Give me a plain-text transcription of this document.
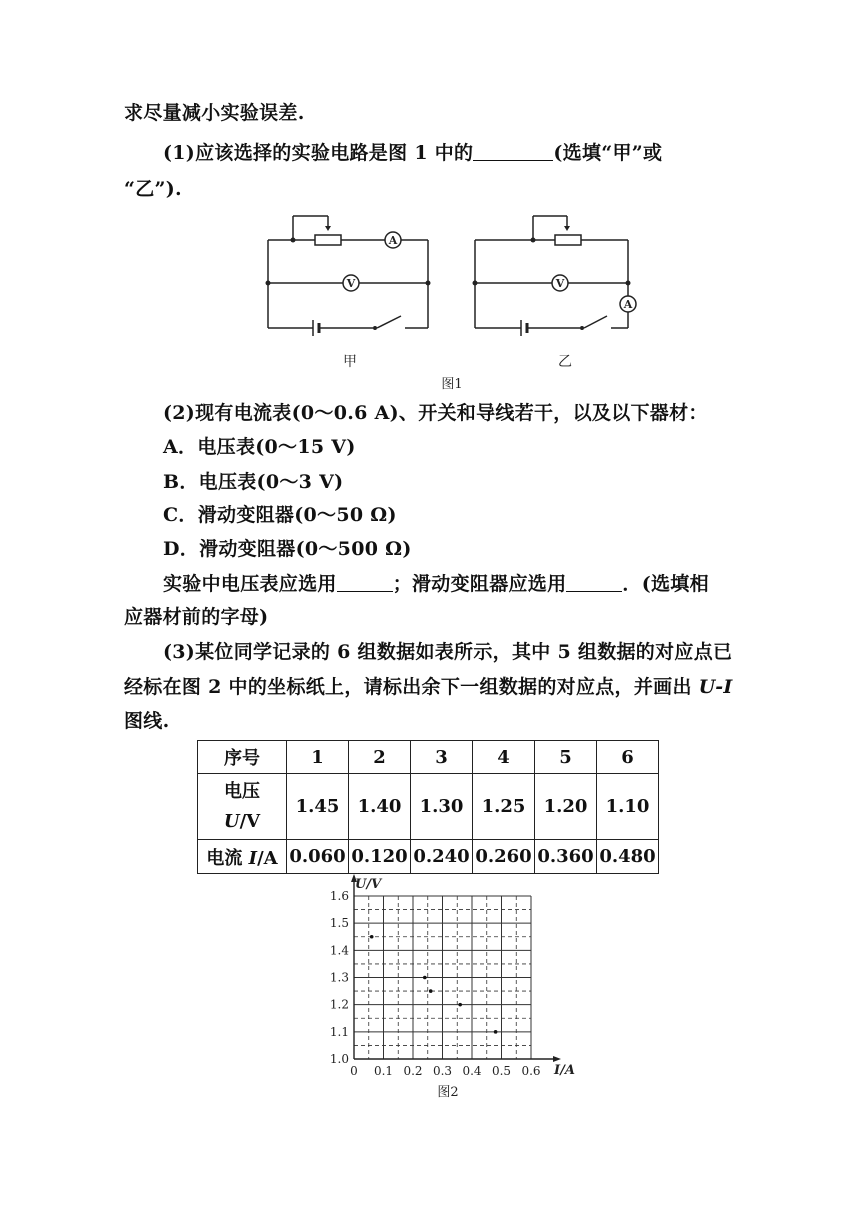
求尽量减小实验误差.
(1)应该选择的实验电路是图 1 中的	(选填“甲”或
“乙”).
A
V
A
V
甲	乙
图1
(2)现有电流表(0～0.6 A)、开关和导线若干，以及以下器材：
A．电压表(0～15 V)
B．电压表(0～3 V)
C．滑动变阻器(0～50 Ω)
D．滑动变阻器(0～500 Ω)
实验中电压表应选用	；滑动变阻器应选用	．(选填相
应器材前的字母)
(3)某位同学记录的 6 组数据如表所示，其中 5 组数据的对应点已
经标在图 2 中的坐标纸上，请标出余下一组数据的对应点，并画出 U-I
图线.
序号	1	2	3	4	5	6
电压
U/V	1.45	1.40	1.30	1.25	1.20	1.10
电流 I/A	0.060	0.120	0.240	0.260	0.360	0.480
0 0.1 0.2 0.3 0.4 0.5 0.6
1.0
1.1
1.2
1.3
1.4
1.5
1.6
U/V
I/A
图2
